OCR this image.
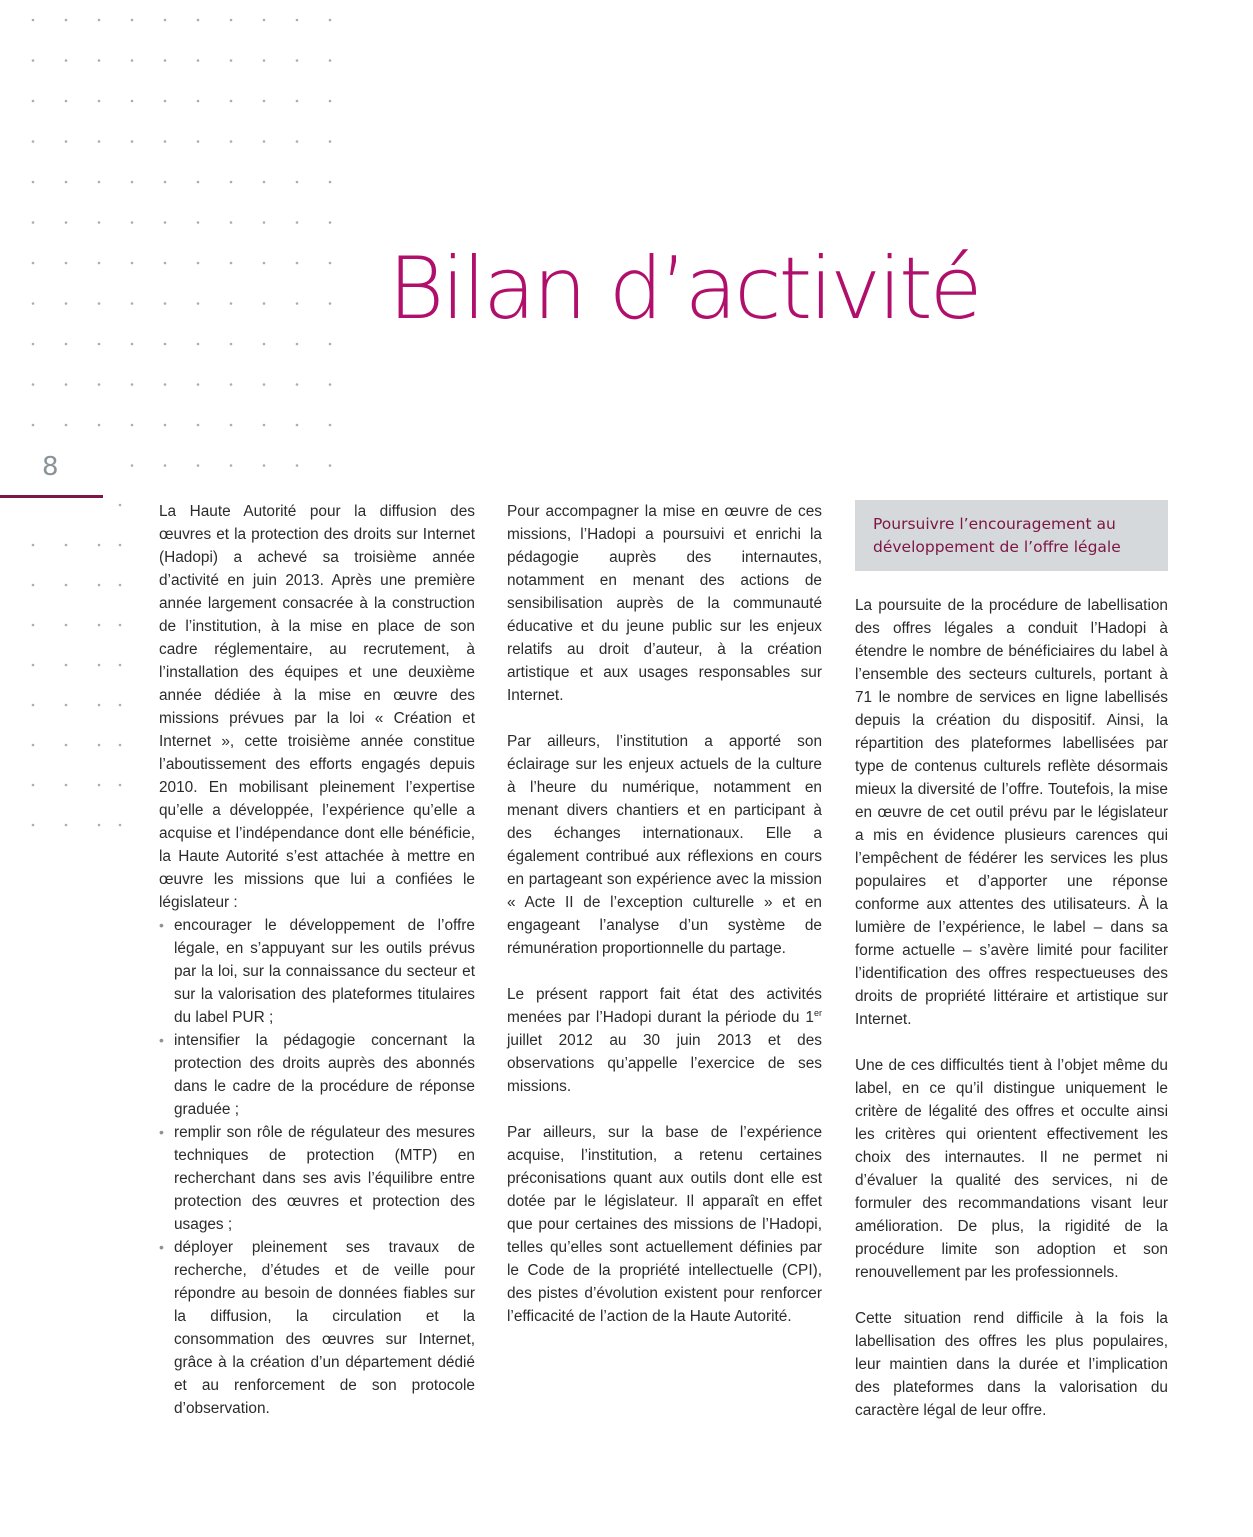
Bilan d’activité
8

La Haute Autorité pour la diffusion des œuvres et la protection des droits sur Internet (Hadopi) a achevé sa troisième année d’activité en juin 2013. Après une première année largement consacrée à la construction de l’institution, à la mise en place de son cadre réglementaire, au recrutement, à l’installation des équipes et une deuxième année dédiée à la mise en œuvre des missions prévues par la loi « Création et Internet », cette troisième année constitue l’aboutissement des efforts engagés depuis 2010. En mobilisant pleinement l’expertise qu’elle a développée, l’expérience qu’elle a acquise et l’indépendance dont elle bénéficie, la Haute Autorité s’est attachée à mettre en œuvre les missions que lui a confiées le législateur :

• encourager le développement de l’offre légale, en s’appuyant sur les outils prévus par la loi, sur la connaissance du secteur et sur la valorisation des plateformes titulaires du label PUR ;
• intensifier la pédagogie concernant la protection des droits auprès des abonnés dans le cadre de la procédure de réponse graduée ;
• remplir son rôle de régulateur des mesures techniques de protection (MTP) en recherchant dans ses avis l’équilibre entre protection des œuvres et protection des usages ;
• déployer pleinement ses travaux de recherche, d’études et de veille pour répondre au besoin de données fiables sur la diffusion, la circulation et la consommation des œuvres sur Internet, grâce à la création d’un département dédié et au renforcement de son protocole d’observation.

Pour accompagner la mise en œuvre de ces missions, l’Hadopi a poursuivi et enrichi la pédagogie auprès des internautes, notamment en menant des actions de sensibilisation auprès de la communauté éducative et du jeune public sur les enjeux relatifs au droit d’auteur, à la création artistique et aux usages responsables sur Internet.

Par ailleurs, l’institution a apporté son éclairage sur les enjeux actuels de la culture à l’heure du numérique, notamment en menant divers chantiers et en participant à des échanges internationaux. Elle a également contribué aux réflexions en cours en partageant son expérience avec la mission « Acte II de l’exception culturelle » et en engageant l’analyse d’un système de rémunération proportionnelle du partage.

Le présent rapport fait état des activités menées par l’Hadopi durant la période du 1er juillet 2012 au 30 juin 2013 et des observations qu’appelle l’exercice de ses missions.

Par ailleurs, sur la base de l’expérience acquise, l’institution, a retenu certaines préconisations quant aux outils dont elle est dotée par le législateur. Il apparaît en effet que pour certaines des missions de l’Hadopi, telles qu’elles sont actuellement définies par le Code de la propriété intellectuelle (CPI), des pistes d’évolution existent pour renforcer l’efficacité de l’action de la Haute Autorité.

Poursuivre l’encouragement au développement de l’offre légale

La poursuite de la procédure de labellisation des offres légales a conduit l’Hadopi à étendre le nombre de bénéficiaires du label à l’ensemble des secteurs culturels, portant à 71 le nombre de services en ligne labellisés depuis la création du dispositif. Ainsi, la répartition des plateformes labellisées par type de contenus culturels reflète désormais mieux la diversité de l’offre. Toutefois, la mise en œuvre de cet outil prévu par le législateur a mis en évidence plusieurs carences qui l’empêchent de fédérer les services les plus populaires et d’apporter une réponse conforme aux attentes des utilisateurs. À la lumière de l’expérience, le label – dans sa forme actuelle – s’avère limité pour faciliter l’identification des offres respectueuses des droits de propriété littéraire et artistique sur Internet.

Une de ces difficultés tient à l’objet même du label, en ce qu’il distingue uniquement le critère de légalité des offres et occulte ainsi les critères qui orientent effectivement les choix des internautes. Il ne permet ni d’évaluer la qualité des services, ni de formuler des recommandations visant leur amélioration. De plus, la rigidité de la procédure limite son adoption et son renouvellement par les professionnels.

Cette situation rend difficile à la fois la labellisation des offres les plus populaires, leur maintien dans la durée et l’implication des plateformes dans la valorisation du caractère légal de leur offre.
